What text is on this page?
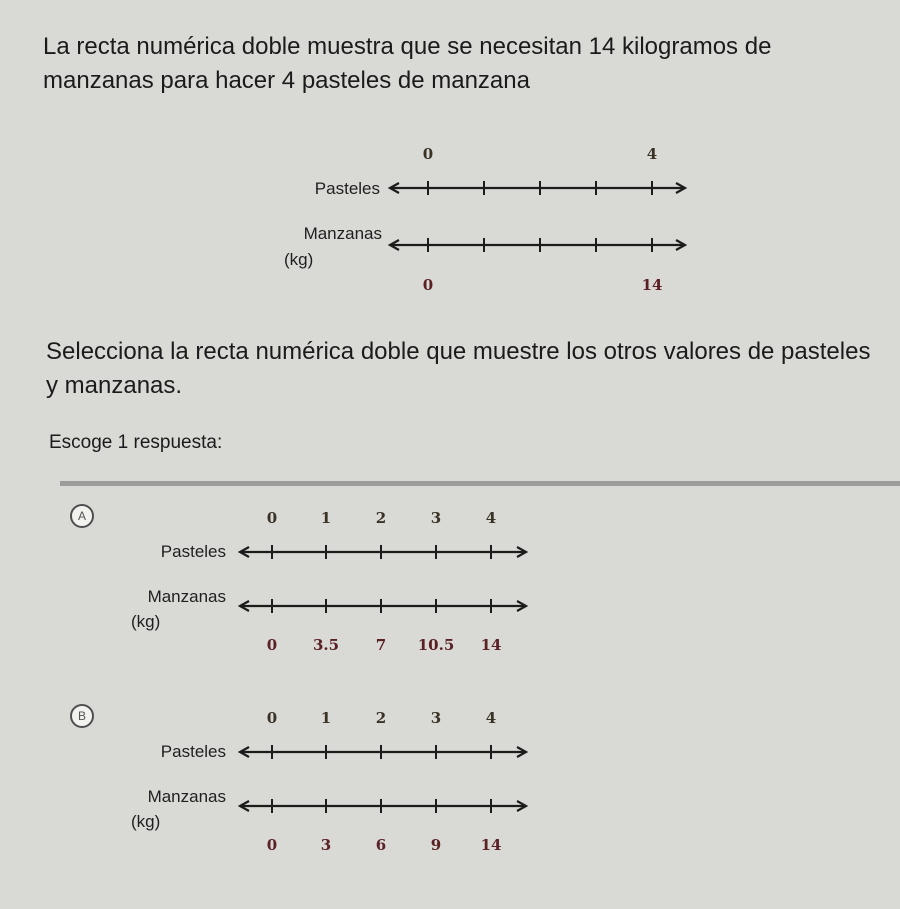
La recta numérica doble muestra que se necesitan 14 kilogramos de manzanas para hacer 4 pasteles de manzana

Pasteles
Manzanas
(kg)
0	4
0	14

Selecciona la recta numérica doble que muestre los otros valores de pasteles y manzanas.

Escoge 1 respuesta:
A
Pasteles
Manzanas
(kg)
0	1	2	3	4
0 3.5 7 10.5 14
B
Pasteles
Manzanas
(kg)
0	1	2	3	4
0	3	6	9	14
